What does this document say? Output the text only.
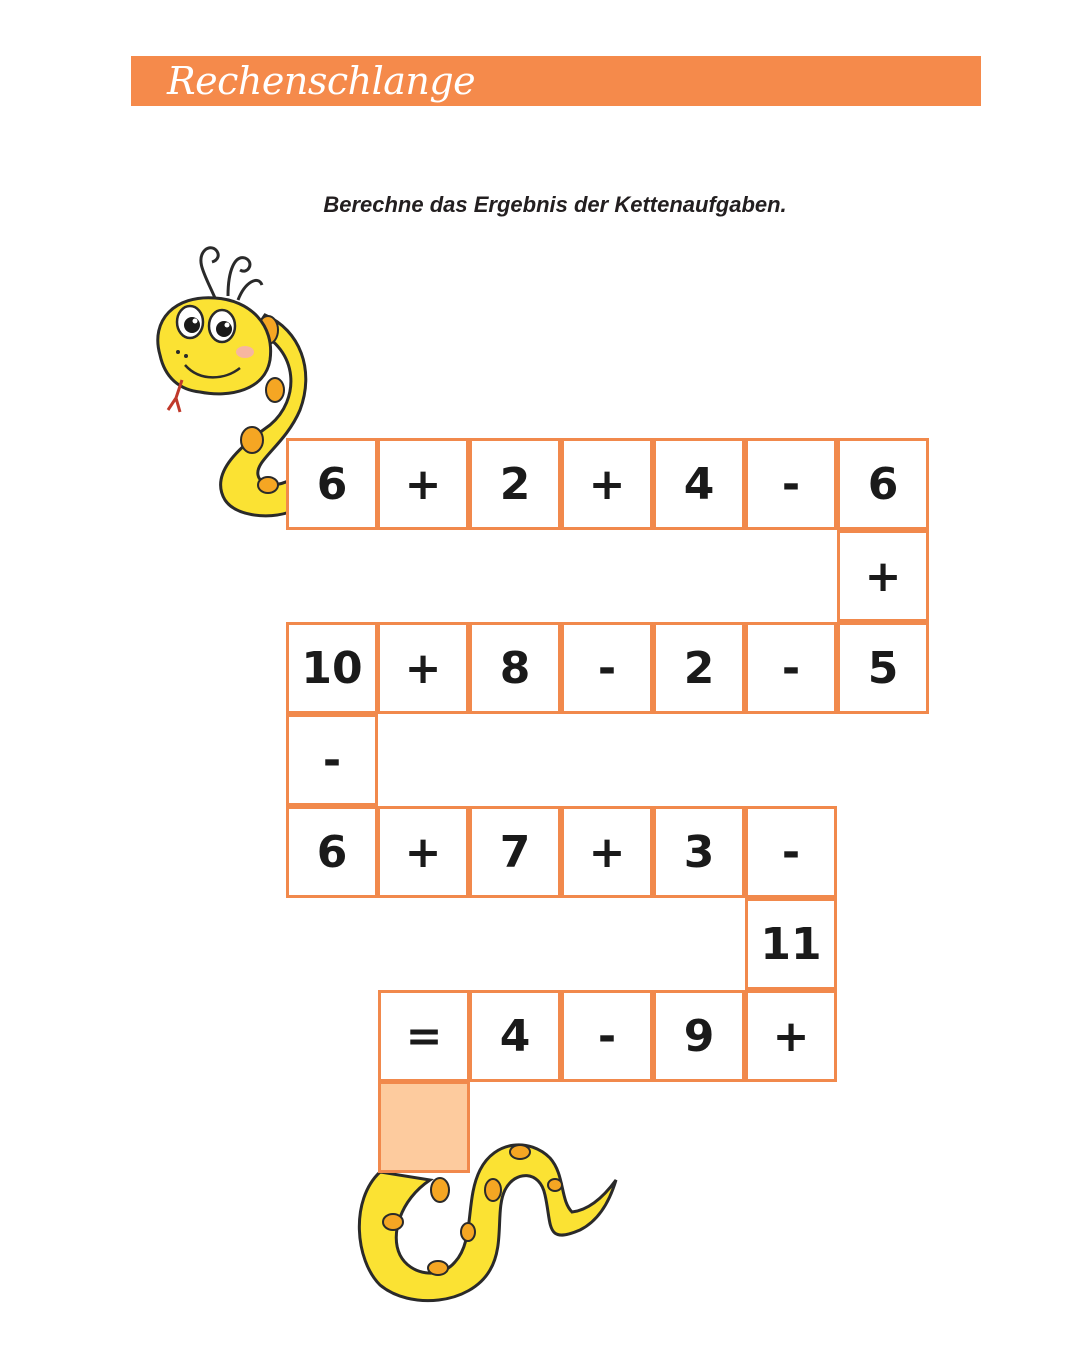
Rechenschlange
Berechne das Ergebnis der Kettenaufgaben.
6	+	2	+	4	-	6
+
10 +	8	-	2	-	5
-
6	+	7	+	3	-
11
=	4	-	9	+
